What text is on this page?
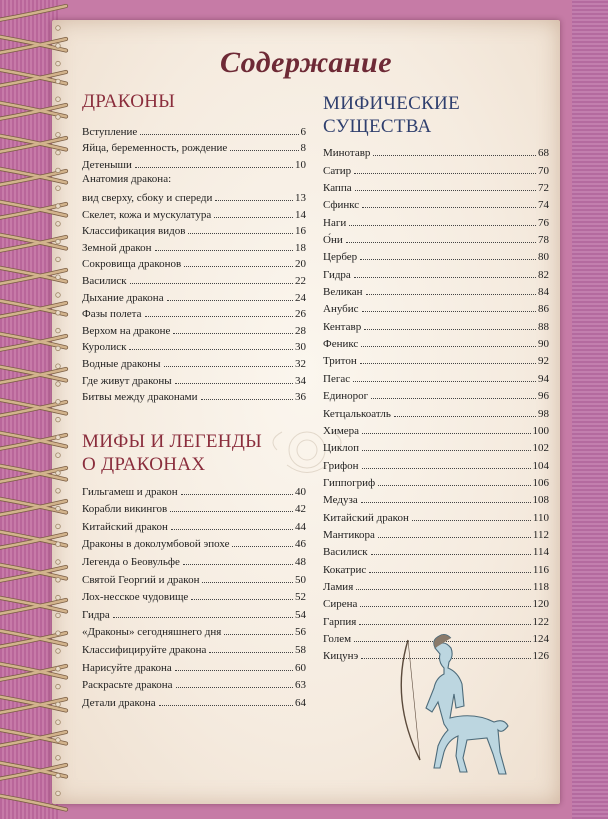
Содержание
ДРАКОНЫ
Вступление	6
Яйца, беременность, рождение	8
Детеныши	10
Анатомия дракона:
вид сверху, сбоку и спереди	13
Скелет, кожа и мускулатура	14
Классификация видов	16
Земной дракон	18
Сокровища драконов	20
Василиск	22
Дыхание дракона	24
Фазы полета	26
Верхом на драконе	28
Куролиск	30
Водные драконы	32
Где живут драконы	34
Битвы между драконами	36
МИФЫ И ЛЕГЕНДЫ
О ДРАКОНАХ
Гильгамеш и дракон	40
Корабли викингов	42
Китайский дракон	44
Драконы в доколумбовой эпохе	46
Легенда о Беовульфе	48
Святой Георгий и дракон	50
Лох-несское чудовище	52
Гидра	54
«Драконы» сегодняшнего дня	56
Классифицируйте дракона	58
Нарисуйте дракона	60
Раскрасьте дракона	63
Детали дракона	64
МИФИЧЕСКИЕ
СУЩЕСТВА
Минотавр	68
Сатир	70
Каппа	72
Сфинкс	74
Наги	76
О́ни	78
Цербер	80
Гидра	82
Великан	84
Анубис	86
Кентавр	88
Феникс	90
Тритон	92
Пегас	94
Единорог	96
Кетцалькоатль	98
Химера	100
Циклоп	102
Грифон	104
Гиппогриф	106
Медуза	108
Китайский дракон	110
Мантикора	112
Василиск	114
Кокатрис	116
Ламия	118
Сирена	120
Гарпия	122
Голем	124
Кицунэ	126
